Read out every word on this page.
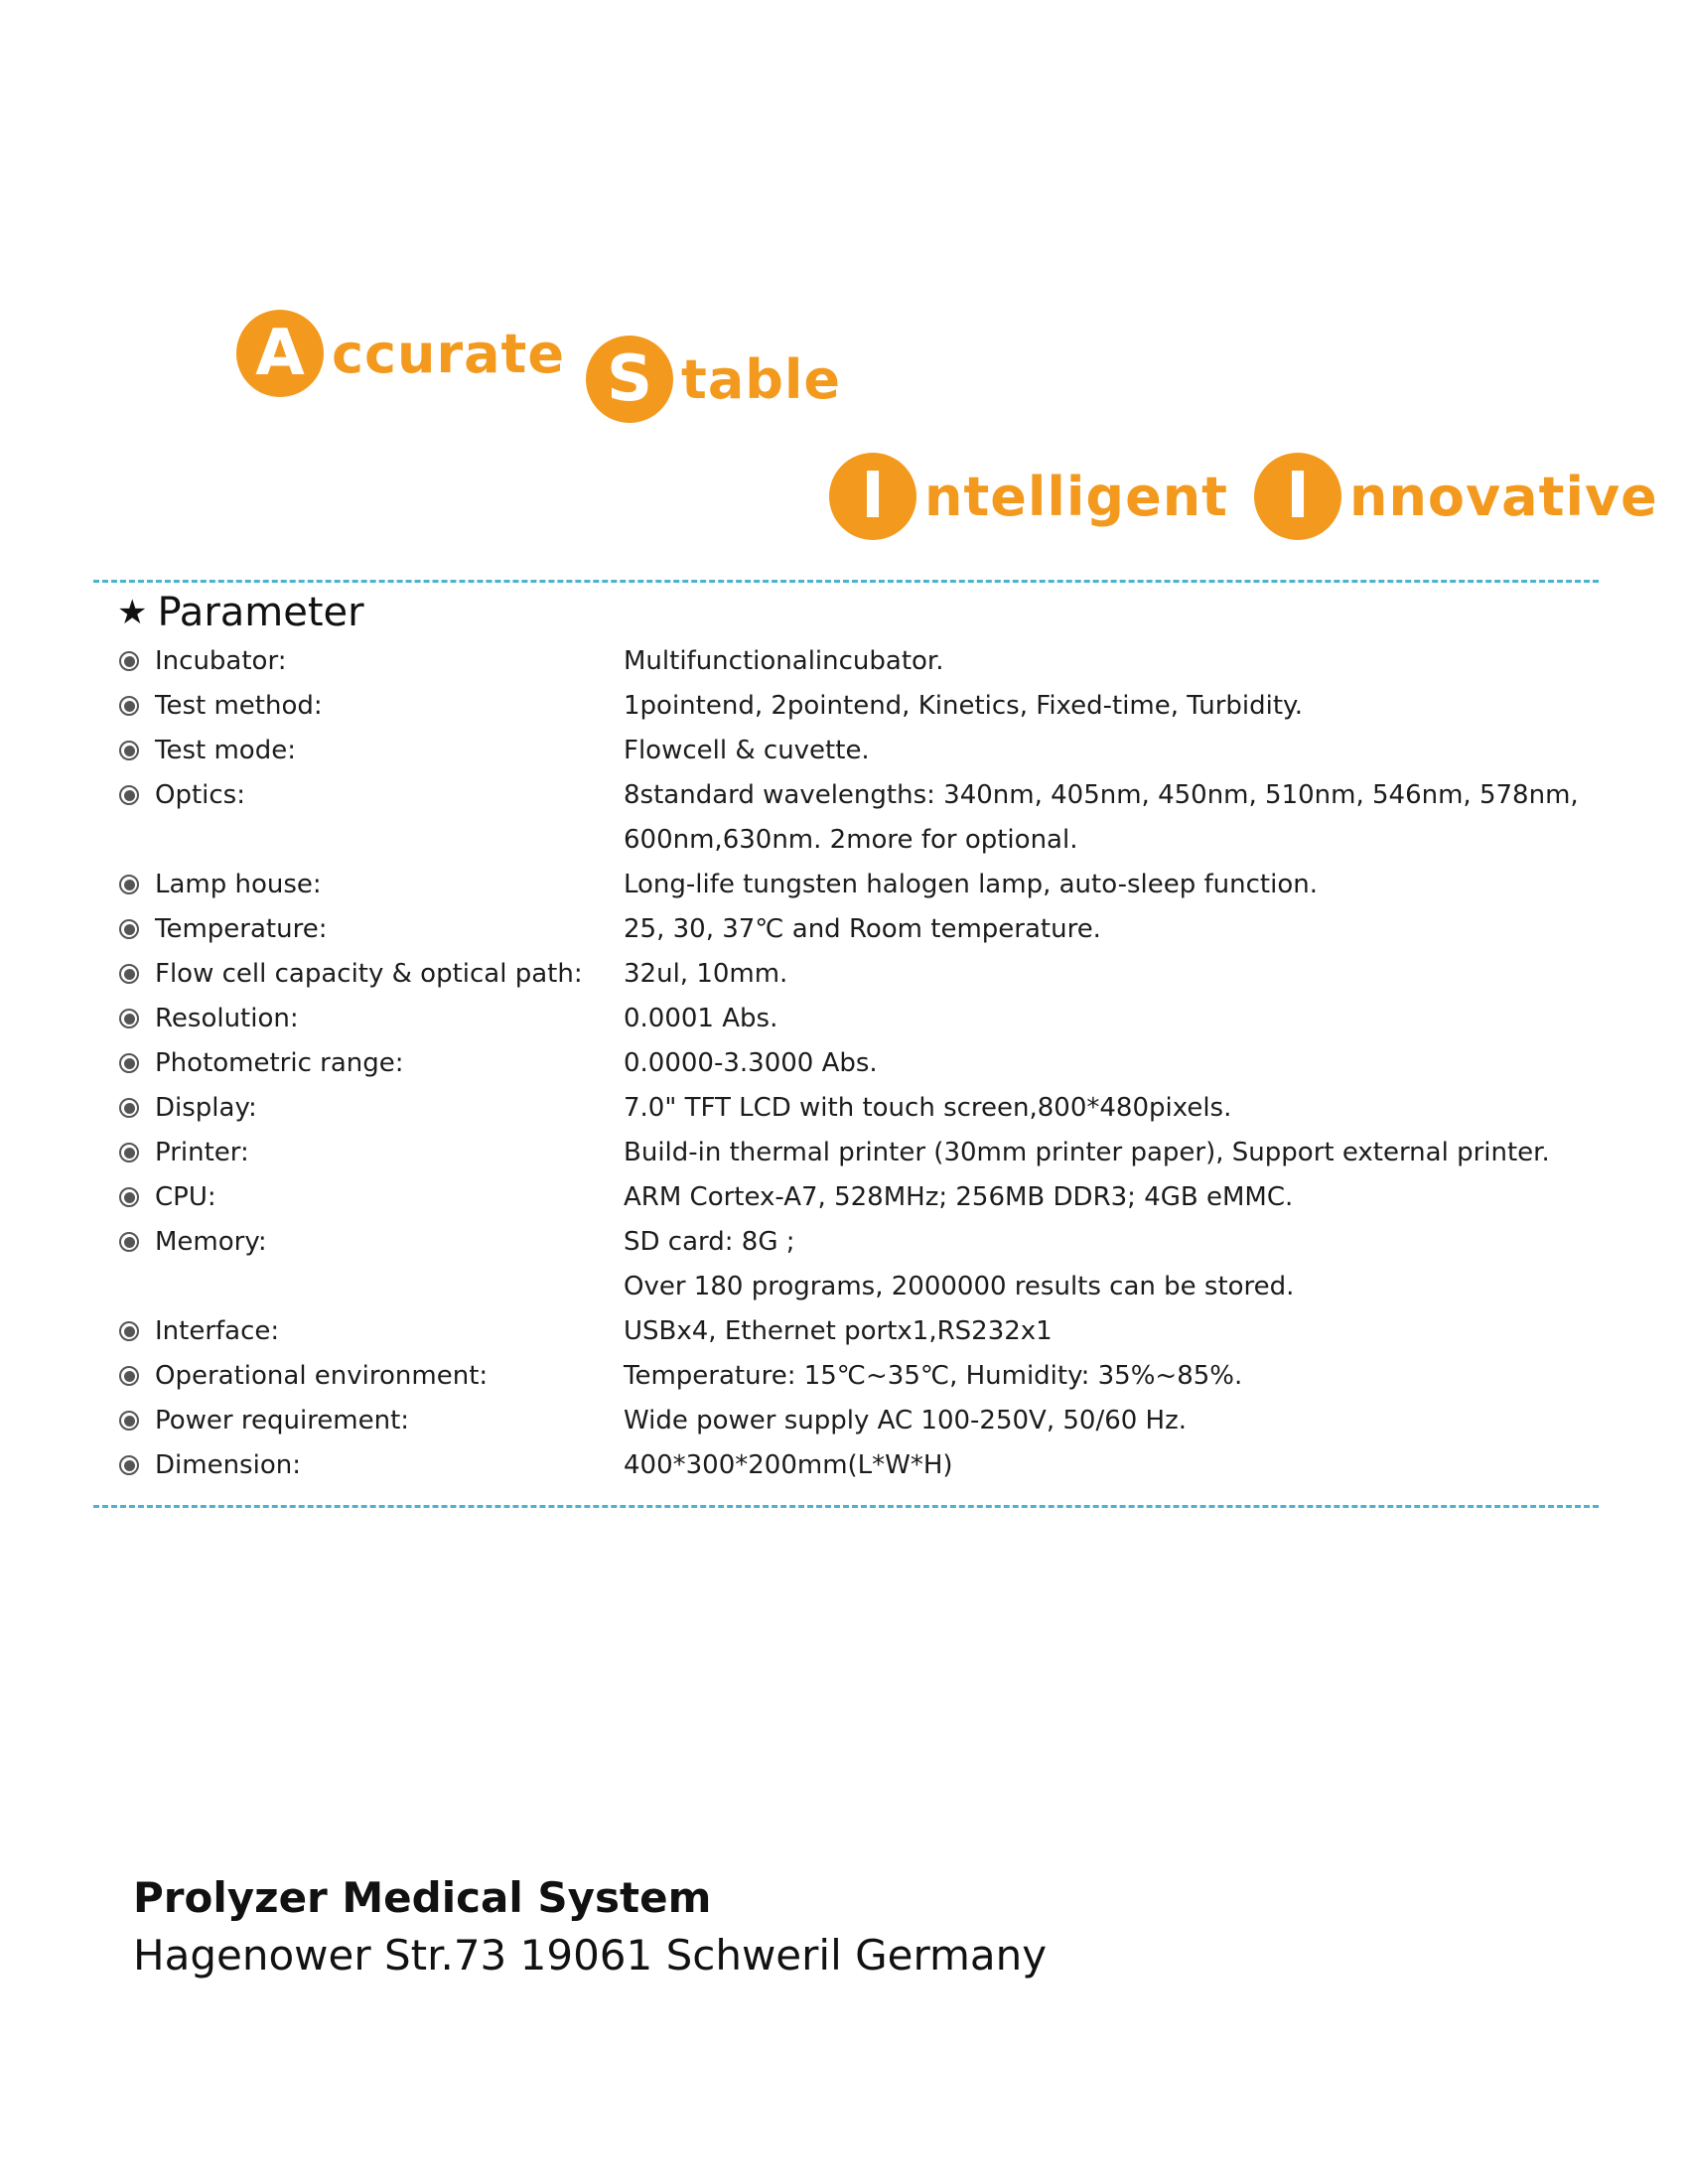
A ccurate S table
I ntelligent I nnovative
★ Parameter
Incubator:	Multifunctionalincubator.
Test method:	1pointend, 2pointend, Kinetics, Fixed-time, Turbidity.
Test mode:	Flowcell & cuvette.
Optics:	8standard wavelengths: 340nm, 405nm, 450nm, 510nm, 546nm, 578nm,
600nm,630nm. 2more for optional.
Lamp house:	Long-life tungsten halogen lamp, auto-sleep function.
Temperature:	25, 30, 37℃ and Room temperature.
Flow cell capacity & optical path:	32ul, 10mm.
Resolution:	0.0001 Abs.
Photometric range:	0.0000-3.3000 Abs.
Display:	7.0" TFT LCD with touch screen,800*480pixels.
Printer:	Build-in thermal printer (30mm printer paper), Support external printer.
CPU:	ARM Cortex-A7, 528MHz; 256MB DDR3; 4GB eMMC.
Memory:	SD card: 8G ;
Over 180 programs, 2000000 results can be stored.
Interface:	USBx4, Ethernet portx1,RS232x1
Operational environment:	Temperature: 15℃~35℃, Humidity: 35%~85%.
Power requirement:	Wide power supply AC 100-250V, 50/60 Hz.
Dimension:	400*300*200mm(L*W*H)
Prolyzer Medical System
Hagenower Str.73 19061 Schweril Germany
